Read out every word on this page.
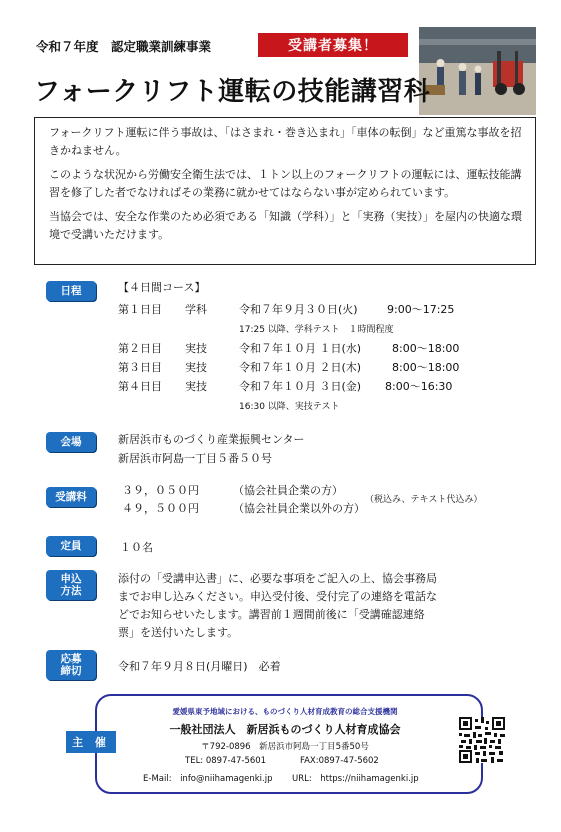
令和７年度　認定職業訓練事業	受講者募集！
フォークリフト運転の技能講習科

フォークリフト運転に伴う事故は、「はさまれ・巻き込まれ」「車体の転倒」など重篤な事故を招きかねません。

このような状況から労働安全衛生法では、１トン以上のフォークリフトの運転には、運転技能講習を修了した者でなければその業務に就かせてはならない事が定められています。

当協会では、安全な作業のため必須である「知識（学科）」と「実務（実技）」を屋内の快適な環境で受講いただけます。

日程	【４日間コース】
第１日目 学科	令和７年９月３０日(火)	9:00～17:25
17:25 以降、学科テスト　１時間程度
第２日目 実技	令和７年１０月 １日(水)	8:00～18:00
第３日目 実技	令和７年１０月 ２日(木)	8:00～18:00
第４日目 実技	令和７年１０月 ３日(金) 8:00～16:30
16:30 以降、実技テスト
会場	新居浜市ものづくり産業振興センター
新居浜市阿島一丁目５番５０号
受講料	３９，０５０円	（協会社員企業の方）
４９，５００円	（協会社員企業以外の方）
（税込み、テキスト代込み）
定員	１０名
申込
方法
添付の「受講申込書」に、必要な事項をご記入の上、協会事務局
までお申し込みください。申込受付後、受付完了の連絡を電話な
どでお知らせいたします。講習前１週間前後に「受講確認連絡
票」を送付いたします。
応募
締切	令和７年９月８日(月曜日)　必着
主 催
愛媛県東予地域における、ものづくり人材育成教育の総合支援機関
一般社団法人　新居浜ものづくり人材育成協会
〒792-0896　新居浜市阿島一丁目5番50号
TEL: 0897-47-5601	FAX:0897-47-5602
E-Mail:　info@niihamagenki.jp URL:　https://niihamagenki.jp
